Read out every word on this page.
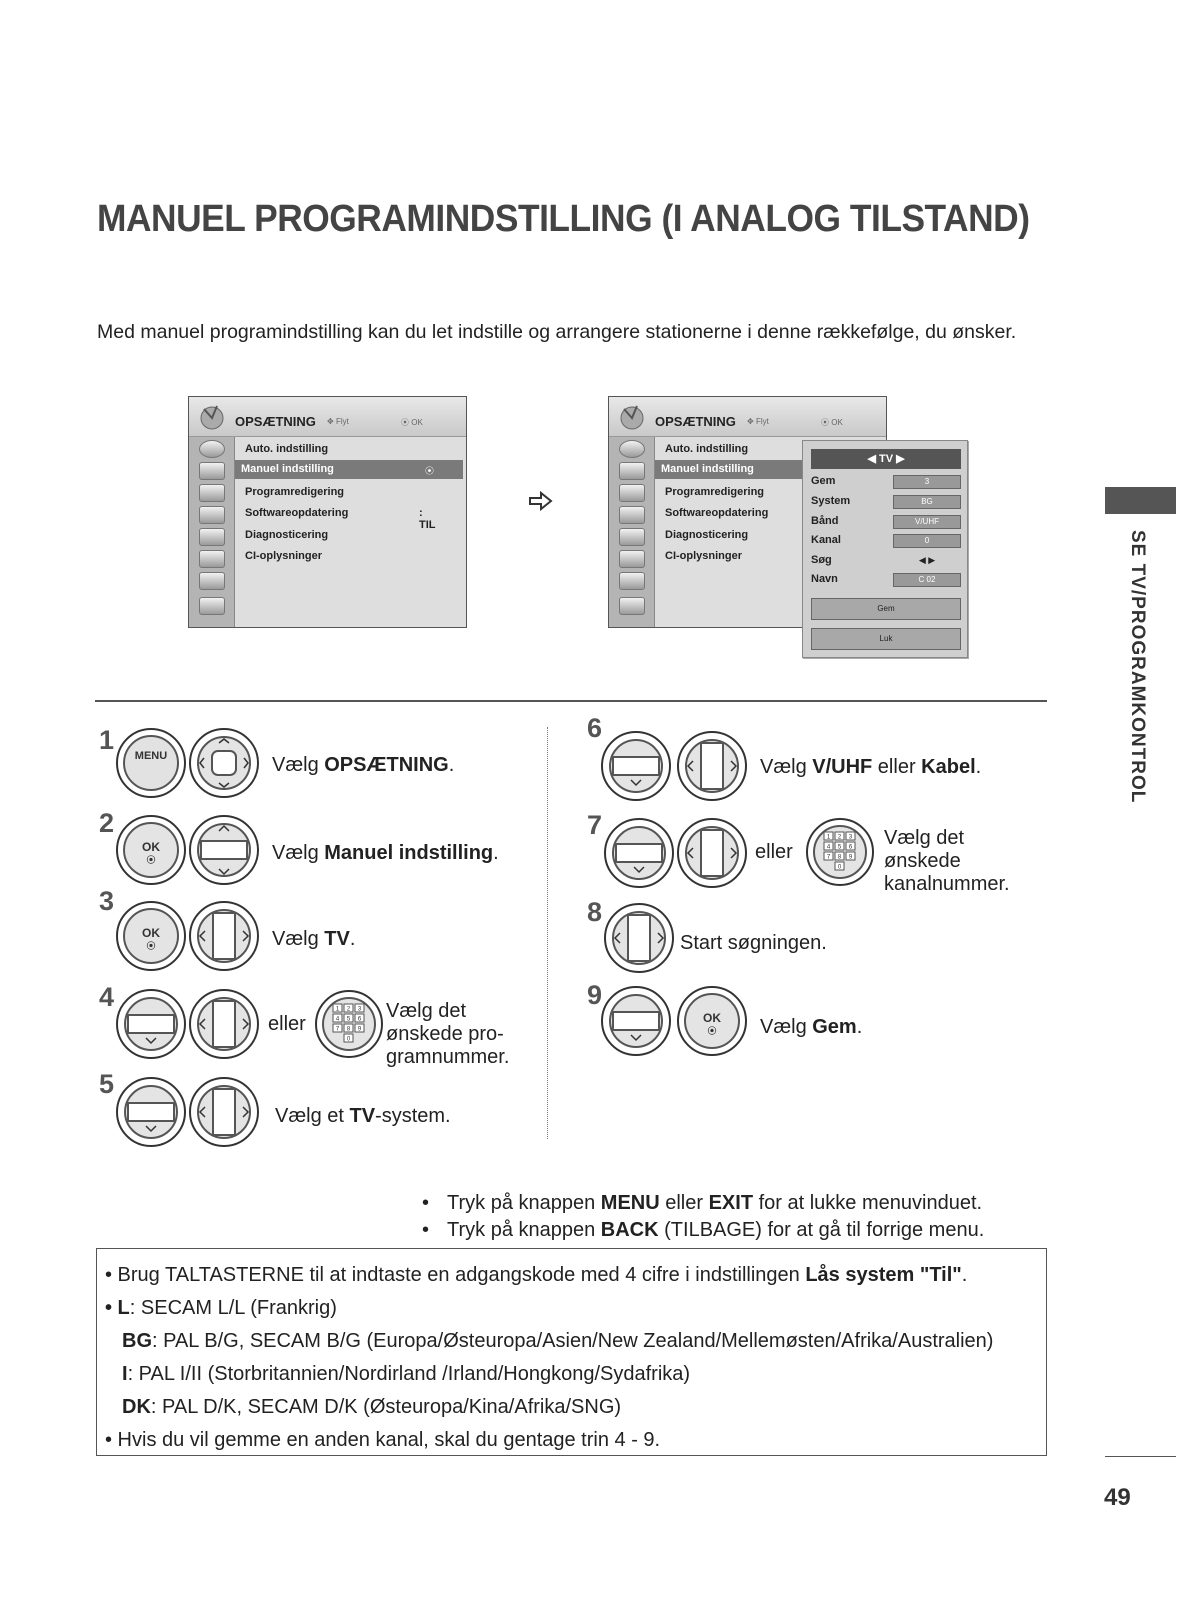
MANUEL PROGRAMINDSTILLING (I ANALOG TILSTAND)
Med manuel programindstilling kan du let indstille og arrangere stationerne i denne rækkefølge, du ønsker.
SE TV/PROGRAMKONTROL
49
OPSÆTNING ✥ Flyt	⦿ OK
Auto. indstilling
Manuel indstilling
Programredigering
Softwareopdatering	: TIL
Diagnosticering
CI-oplysninger
⦿
OPSÆTNING ✥ Flyt	⦿ OK
Auto. indstilling
Manuel indstilling
Programredigering
Softwareopdatering
Diagnosticering
CI-oplysninger
◀ TV ▶
Gem	3
System	BG
Bånd	V/UHF
Kanal	0
Søg	◀ ▶
Navn	C 02
Gem
Luk
1
MENU	Vælg OPSÆTNING.
2
OK
⦿	Vælg Manuel indstilling.
3
OK
⦿	Vælg TV.
4
eller
1 2 3
4 5 6
7 8 9
0
Vælg det
ønskede pro-
gramnummer.
5
Vælg et TV-system.
6
Vælg V/UHF eller Kabel.
7
eller
1 2 3
4 5 6
7 8 9
0
Vælg det
ønskede
kanalnummer.
8
Start søgningen.
9
OK
⦿	Vælg Gem.
• Tryk på knappen MENU eller EXIT for at lukke menuvinduet.
• Tryk på knappen BACK (TILBAGE) for at gå til forrige menu.
• Brug TALTASTERNE til at indtaste en adgangskode med 4 cifre i indstillingen Lås system "Til".
• L: SECAM L/L (Frankrig)
BG: PAL B/G, SECAM B/G (Europa/Østeuropa/Asien/New Zealand/Mellemøsten/Afrika/Australien)
I: PAL I/II (Storbritannien/Nordirland /Irland/Hongkong/Sydafrika)
DK: PAL D/K, SECAM D/K (Østeuropa/Kina/Afrika/SNG)
• Hvis du vil gemme en anden kanal, skal du gentage trin 4 - 9.
